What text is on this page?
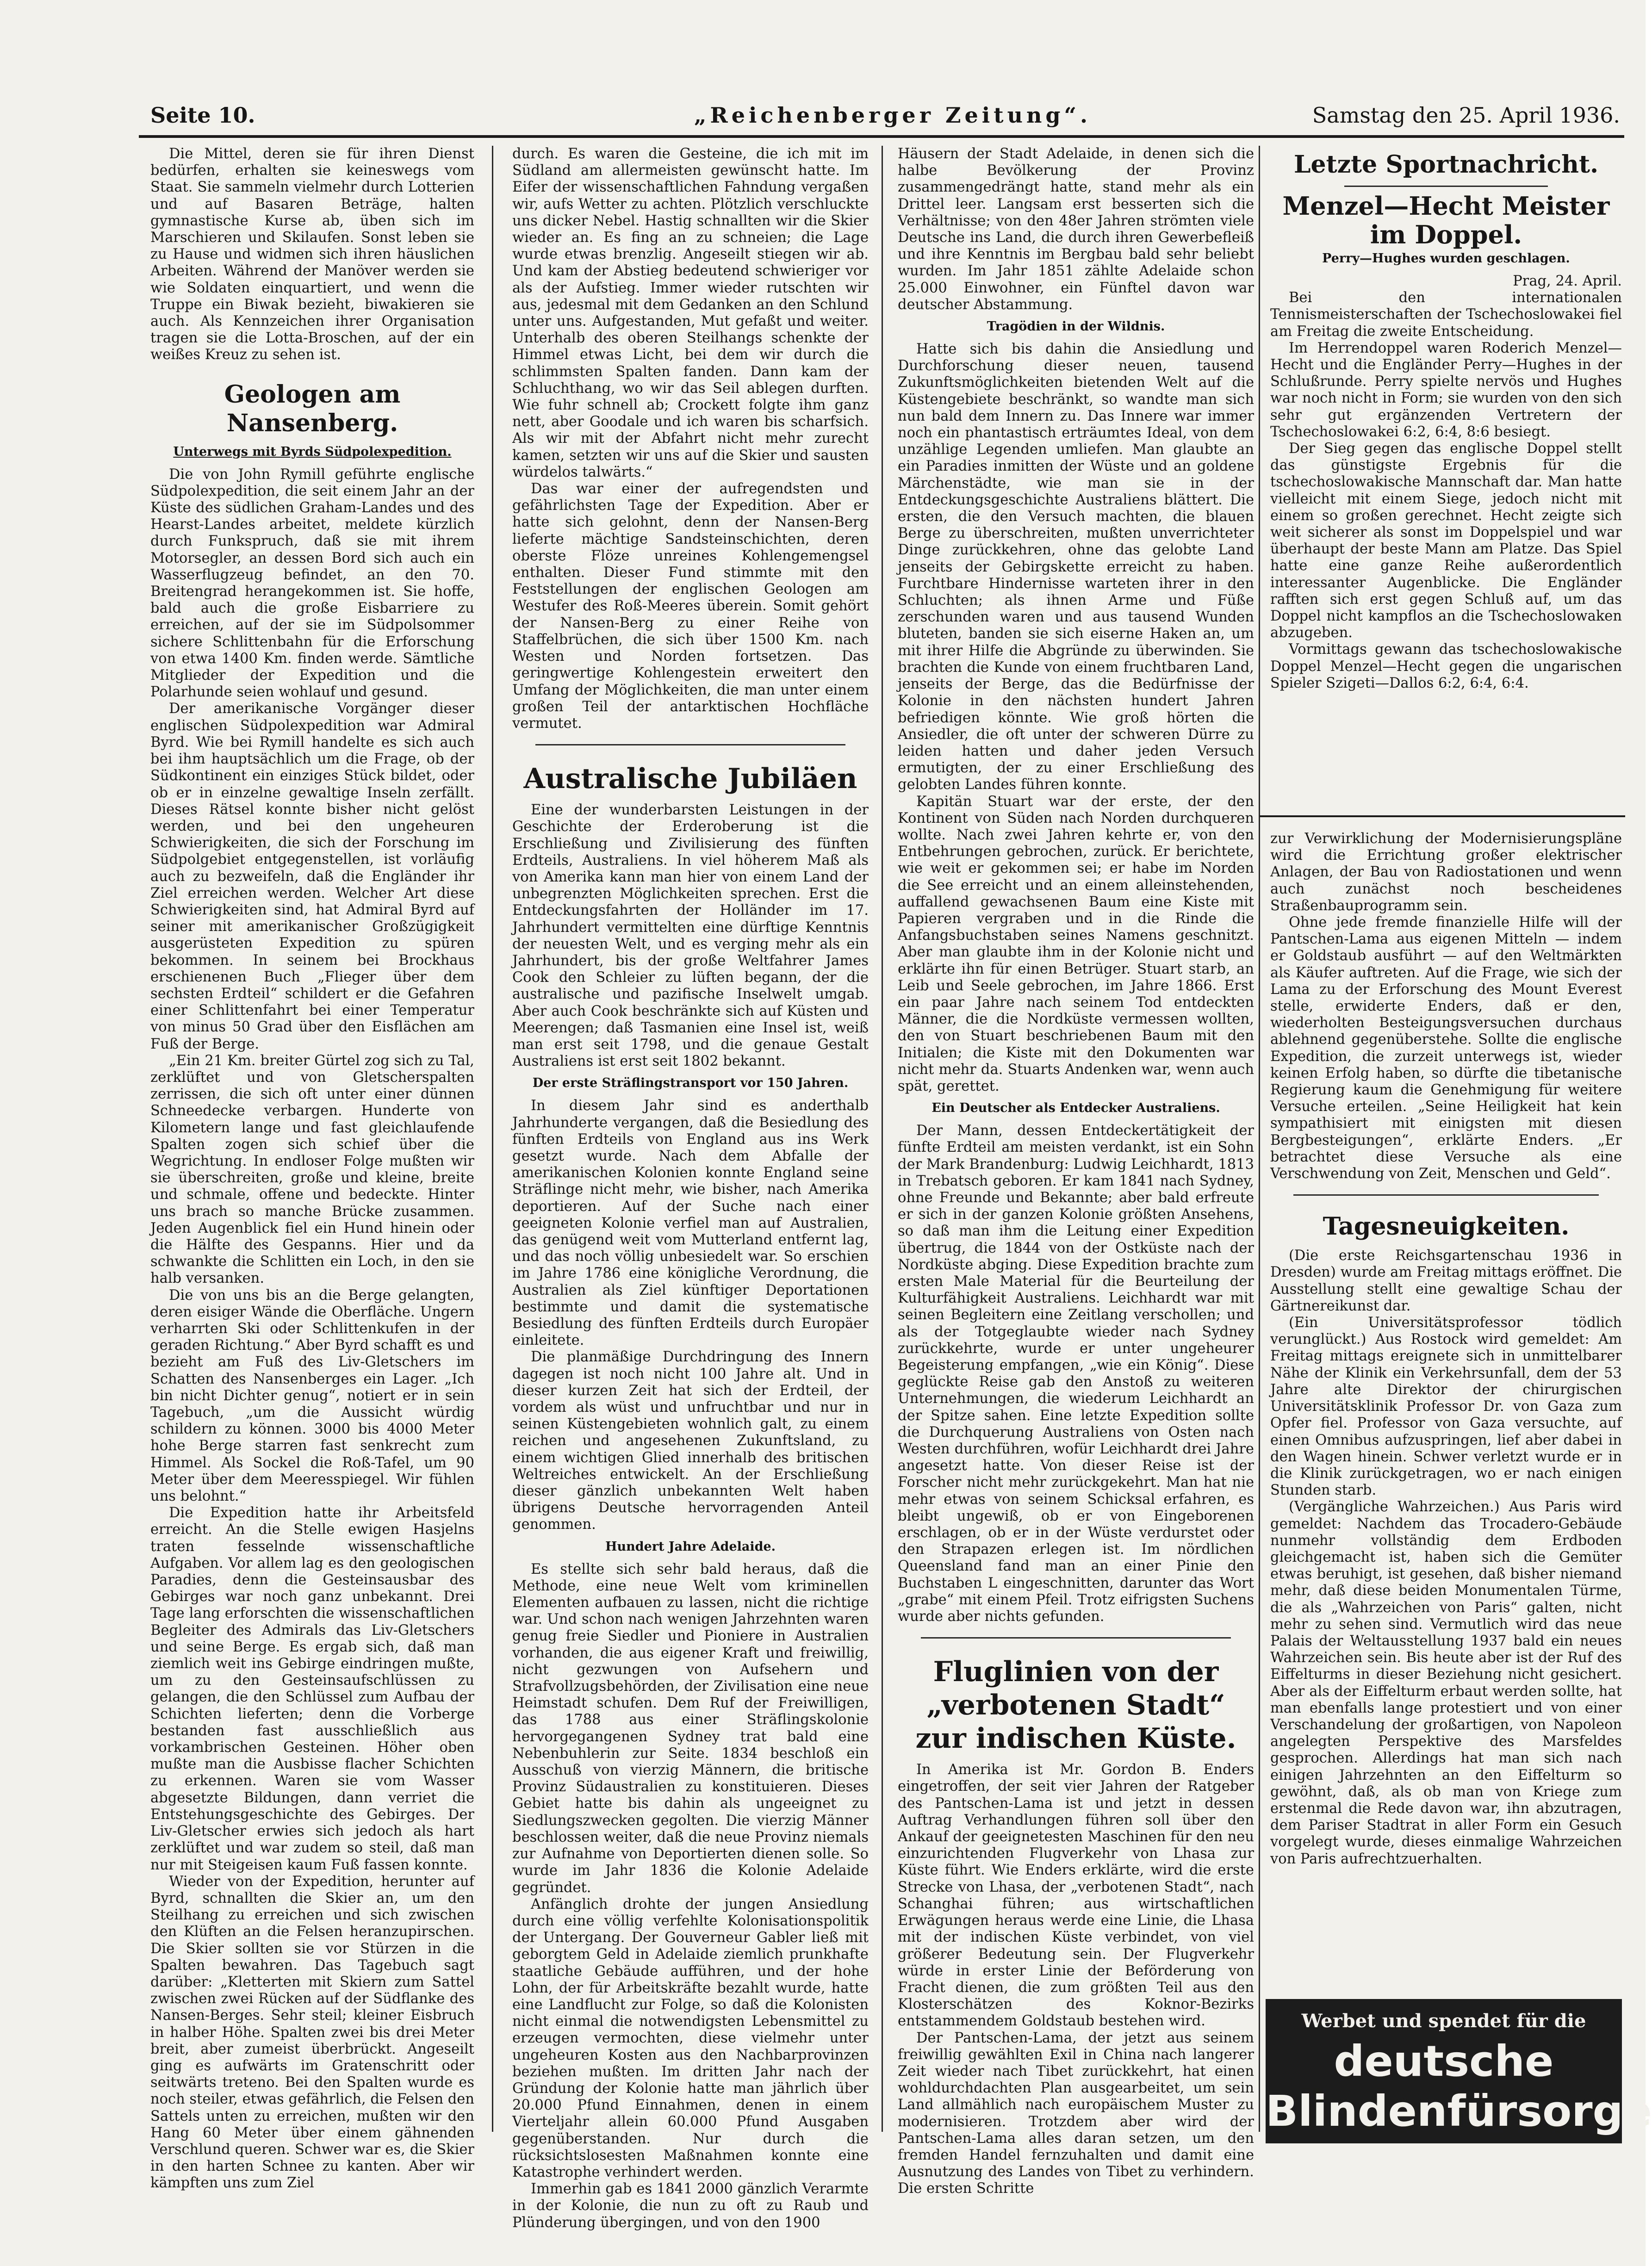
Seite 10.	„Reichenberger Zeitung“.	Samstag den 25. April 1936.

Die Mittel, deren sie für ihren Dienst bedürfen, erhalten sie keineswegs vom Staat. Sie sammeln vielmehr durch Lotterien und auf Basaren Beträge, halten gymnastische Kurse ab, üben sich im Marschieren und Skilaufen. Sonst leben sie zu Hause und widmen sich ihren häuslichen Arbeiten. Während der Manöver werden sie wie Soldaten einquartiert, und wenn die Truppe ein Biwak bezieht, biwakieren sie auch. Als Kennzeichen ihrer Organisation tragen sie die Lotta-Broschen, auf der ein weißes Kreuz zu sehen ist.

Geologen am Nansenberg.
Unterwegs mit Byrds Südpolexpedition.

Die von John Rymill geführte englische Südpolexpedition, die seit einem Jahr an der Küste des südlichen Graham-Landes und des Hearst-Landes arbeitet, meldete kürzlich durch Funkspruch, daß sie mit ihrem Motorsegler, an dessen Bord sich auch ein Wasserflugzeug befindet, an den 70. Breitengrad herangekommen ist. Sie hoffe, bald auch die große Eisbarriere zu erreichen, auf der sie im Südpolsommer sichere Schlittenbahn für die Erforschung von etwa 1400 Km. finden werde. Sämtliche Mitglieder der Expedition und die Polarhunde seien wohlauf und gesund.

Der amerikanische Vorgänger dieser englischen Südpolexpedition war Admiral Byrd. Wie bei Rymill handelte es sich auch bei ihm hauptsächlich um die Frage, ob der Südkontinent ein einziges Stück bildet, oder ob er in einzelne gewaltige Inseln zerfällt. Dieses Rätsel konnte bisher nicht gelöst werden, und bei den ungeheuren Schwierigkeiten, die sich der Forschung im Südpolgebiet entgegenstellen, ist vorläufig auch zu bezweifeln, daß die Engländer ihr Ziel erreichen werden. Welcher Art diese Schwierigkeiten sind, hat Admiral Byrd auf seiner mit amerikanischer Großzügigkeit ausgerüsteten Expedition zu spüren bekommen. In seinem bei Brockhaus erschienenen Buch „Flieger über dem sechsten Erdteil“ schildert er die Gefahren einer Schlittenfahrt bei einer Temperatur von minus 50 Grad über den Eisflächen am Fuß der Berge.

„Ein 21 Km. breiter Gürtel zog sich zu Tal, zerklüftet und von Gletscherspalten zerrissen, die sich oft unter einer dünnen Schneedecke verbargen. Hunderte von Kilometern lange und fast gleichlaufende Spalten zogen sich schief über die Wegrichtung. In endloser Folge mußten wir sie überschreiten, große und kleine, breite und schmale, offene und bedeckte. Hinter uns brach so manche Brücke zusammen. Jeden Augenblick fiel ein Hund hinein oder die Hälfte des Gespanns. Hier und da schwankte die Schlitten ein Loch, in den sie halb versanken.

Die von uns bis an die Berge gelangten, deren eisiger Wände die Oberfläche. Ungern verharrten Ski oder Schlittenkufen in der geraden Richtung.“ Aber Byrd schafft es und bezieht am Fuß des Liv-Gletschers im Schatten des Nansenberges ein Lager. „Ich bin nicht Dichter genug“, notiert er in sein Tagebuch, „um die Aussicht würdig schildern zu können. 3000 bis 4000 Meter hohe Berge starren fast senkrecht zum Himmel. Als Sockel die Roß-Tafel, um 90 Meter über dem Meeresspiegel. Wir fühlen uns belohnt.“

Die Expedition hatte ihr Arbeitsfeld erreicht. An die Stelle ewigen Hasjelns traten fesselnde wissenschaftliche Aufgaben. Vor allem lag es den geologischen Paradies, denn die Gesteinsausbar des Gebirges war noch ganz unbekannt. Drei Tage lang erforschten die wissenschaftlichen Begleiter des Admirals das Liv-Gletschers und seine Berge. Es ergab sich, daß man ziemlich weit ins Gebirge eindringen mußte, um zu den Gesteinsaufschlüssen zu gelangen, die den Schlüssel zum Aufbau der Schichten lieferten; denn die Vorberge bestanden fast ausschließlich aus vorkambrischen Gesteinen. Höher oben mußte man die Ausbisse flacher Schichten zu erkennen. Waren sie vom Wasser abgesetzte Bildungen, dann verriet die Entstehungsgeschichte des Gebirges. Der Liv-Gletscher erwies sich jedoch als hart zerklüftet und war zudem so steil, daß man nur mit Steigeisen kaum Fuß fassen konnte.

Wieder von der Expedition, herunter auf Byrd, schnallten die Skier an, um den Steilhang zu erreichen und sich zwischen den Klüften an die Felsen heranzupirschen. Die Skier sollten sie vor Stürzen in die Spalten bewahren. Das Tagebuch sagt darüber: „Kletterten mit Skiern zum Sattel zwischen zwei Rücken auf der Südflanke des Nansen-Berges. Sehr steil; kleiner Eisbruch in halber Höhe. Spalten zwei bis drei Meter breit, aber zumeist überbrückt. Angeseilt ging es aufwärts im Gratenschritt oder seitwärts treteno. Bei den Spalten wurde es noch steiler, etwas gefährlich, die Felsen den Sattels unten zu erreichen, mußten wir den Hang 60 Meter über einem gähnenden Verschlund queren. Schwer war es, die Skier in den harten Schnee zu kanten. Aber wir kämpften uns zum Ziel

durch. Es waren die Gesteine, die ich mit im Südland am allermeisten gewünscht hatte. Im Eifer der wissenschaftlichen Fahndung vergaßen wir, aufs Wetter zu achten. Plötzlich verschluckte uns dicker Nebel. Hastig schnallten wir die Skier wieder an. Es fing an zu schneien; die Lage wurde etwas brenzlig. Angeseilt stiegen wir ab. Und kam der Abstieg bedeutend schwieriger vor als der Aufstieg. Immer wieder rutschten wir aus, jedesmal mit dem Gedanken an den Schlund unter uns. Aufgestanden, Mut gefaßt und weiter. Unterhalb des oberen Steilhangs schenkte der Himmel etwas Licht, bei dem wir durch die schlimmsten Spalten fanden. Dann kam der Schluchthang, wo wir das Seil ablegen durften. Wie fuhr schnell ab; Crockett folgte ihm ganz nett, aber Goodale und ich waren bis scharfsich. Als wir mit der Abfahrt nicht mehr zurecht kamen, setzten wir uns auf die Skier und sausten würdelos talwärts.“

Das war einer der aufregendsten und gefährlichsten Tage der Expedition. Aber er hatte sich gelohnt, denn der Nansen-Berg lieferte mächtige Sandsteinschichten, deren oberste Flöze unreines Kohlengemengsel enthalten. Dieser Fund stimmte mit den Feststellungen der englischen Geologen am Westufer des Roß-Meeres überein. Somit gehört der Nansen-Berg zu einer Reihe von Staffelbrüchen, die sich über 1500 Km. nach Westen und Norden fortsetzen. Das geringwertige Kohlengestein erweitert den Umfang der Möglichkeiten, die man unter einem großen Teil der antarktischen Hochfläche vermutet.

Australische Jubiläen

Eine der wunderbarsten Leistungen in der Geschichte der Erderoberung ist die Erschließung und Zivilisierung des fünften Erdteils, Australiens. In viel höherem Maß als von Amerika kann man hier von einem Land der unbegrenzten Möglichkeiten sprechen. Erst die Entdeckungsfahrten der Holländer im 17. Jahrhundert vermittelten eine dürftige Kenntnis der neuesten Welt, und es verging mehr als ein Jahrhundert, bis der große Weltfahrer James Cook den Schleier zu lüften begann, der die australische und pazifische Inselwelt umgab. Aber auch Cook beschränkte sich auf Küsten und Meerengen; daß Tasmanien eine Insel ist, weiß man erst seit 1798, und die genaue Gestalt Australiens ist erst seit 1802 bekannt.

Der erste Sträflingstransport vor 150 Jahren.

In diesem Jahr sind es anderthalb Jahrhunderte vergangen, daß die Besiedlung des fünften Erdteils von England aus ins Werk gesetzt wurde. Nach dem Abfalle der amerikanischen Kolonien konnte England seine Sträflinge nicht mehr, wie bisher, nach Amerika deportieren. Auf der Suche nach einer geeigneten Kolonie verfiel man auf Australien, das genügend weit vom Mutterland entfernt lag, und das noch völlig unbesiedelt war. So erschien im Jahre 1786 eine königliche Verordnung, die Australien als Ziel künftiger Deportationen bestimmte und damit die systematische Besiedlung des fünften Erdteils durch Europäer einleitete.

Die planmäßige Durchdringung des Innern dagegen ist noch nicht 100 Jahre alt. Und in dieser kurzen Zeit hat sich der Erdteil, der vordem als wüst und unfruchtbar und nur in seinen Küstengebieten wohnlich galt, zu einem reichen und angesehenen Zukunftsland, zu einem wichtigen Glied innerhalb des britischen Weltreiches entwickelt. An der Erschließung dieser gänzlich unbekannten Welt haben übrigens Deutsche hervorragenden Anteil genommen.

Hundert Jahre Adelaide.

Es stellte sich sehr bald heraus, daß die Methode, eine neue Welt vom kriminellen Elementen aufbauen zu lassen, nicht die richtige war. Und schon nach wenigen Jahrzehnten waren genug freie Siedler und Pioniere in Australien vorhanden, die aus eigener Kraft und freiwillig, nicht gezwungen von Aufsehern und Strafvollzugsbehörden, der Zivilisation eine neue Heimstadt schufen. Dem Ruf der Freiwilligen, das 1788 aus einer Sträflingskolonie hervorgegangenen Sydney trat bald eine Nebenbuhlerin zur Seite. 1834 beschloß ein Ausschuß von vierzig Männern, die britische Provinz Südaustralien zu konstituieren. Dieses Gebiet hatte bis dahin als ungeeignet zu Siedlungszwecken gegolten. Die vierzig Männer beschlossen weiter, daß die neue Provinz niemals zur Aufnahme von Deportierten dienen solle. So wurde im Jahr 1836 die Kolonie Adelaide gegründet.

Anfänglich drohte der jungen Ansiedlung durch eine völlig verfehlte Kolonisationspolitik der Untergang. Der Gouverneur Gabler ließ mit geborgtem Geld in Adelaide ziemlich prunkhafte staatliche Gebäude aufführen, und der hohe Lohn, der für Arbeitskräfte bezahlt wurde, hatte eine Landflucht zur Folge, so daß die Kolonisten nicht einmal die notwendigsten Lebensmittel zu erzeugen vermochten, diese vielmehr unter ungeheuren Kosten aus den Nachbarprovinzen beziehen mußten. Im dritten Jahr nach der Gründung der Kolonie hatte man jährlich über 20.000 Pfund Einnahmen, denen in einem Vierteljahr allein 60.000 Pfund Ausgaben gegenüberstanden. Nur durch die rücksichtslosesten Maßnahmen konnte eine Katastrophe verhindert werden.

Immerhin gab es 1841 2000 gänzlich Verarmte in der Kolonie, die nun zu oft zu Raub und Plünderung übergingen, und von den 1900

Häusern der Stadt Adelaide, in denen sich die halbe Bevölkerung der Provinz zusammengedrängt hatte, stand mehr als ein Drittel leer. Langsam erst besserten sich die Verhältnisse; von den 48er Jahren strömten viele Deutsche ins Land, die durch ihren Gewerbefleiß und ihre Kenntnis im Bergbau bald sehr beliebt wurden. Im Jahr 1851 zählte Adelaide schon 25.000 Einwohner, ein Fünftel davon war deutscher Abstammung.

Tragödien in der Wildnis.

Hatte sich bis dahin die Ansiedlung und Durchforschung dieser neuen, tausend Zukunftsmöglichkeiten bietenden Welt auf die Küstengebiete beschränkt, so wandte man sich nun bald dem Innern zu. Das Innere war immer noch ein phantastisch erträumtes Ideal, von dem unzählige Legenden umliefen. Man glaubte an ein Paradies inmitten der Wüste und an goldene Märchenstädte, wie man sie in der Entdeckungsgeschichte Australiens blättert. Die ersten, die den Versuch machten, die blauen Berge zu überschreiten, mußten unverrichteter Dinge zurückkehren, ohne das gelobte Land jenseits der Gebirgskette erreicht zu haben. Furchtbare Hindernisse warteten ihrer in den Schluchten; als ihnen Arme und Füße zerschunden waren und aus tausend Wunden bluteten, banden sie sich eiserne Haken an, um mit ihrer Hilfe die Abgründe zu überwinden. Sie brachten die Kunde von einem fruchtbaren Land, jenseits der Berge, das die Bedürfnisse der Kolonie in den nächsten hundert Jahren befriedigen könnte. Wie groß hörten die Ansiedler, die oft unter der schweren Dürre zu leiden hatten und daher jeden Versuch ermutigten, der zu einer Erschließung des gelobten Landes führen konnte.

Kapitän Stuart war der erste, der den Kontinent von Süden nach Norden durchqueren wollte. Nach zwei Jahren kehrte er, von den Entbehrungen gebrochen, zurück. Er berichtete, wie weit er gekommen sei; er habe im Norden die See erreicht und an einem alleinstehenden, auffallend gewachsenen Baum eine Kiste mit Papieren vergraben und in die Rinde die Anfangsbuchstaben seines Namens geschnitzt. Aber man glaubte ihm in der Kolonie nicht und erklärte ihn für einen Betrüger. Stuart starb, an Leib und Seele gebrochen, im Jahre 1866. Erst ein paar Jahre nach seinem Tod entdeckten Männer, die die Nordküste vermessen wollten, den von Stuart beschriebenen Baum mit den Initialen; die Kiste mit den Dokumenten war nicht mehr da. Stuarts Andenken war, wenn auch spät, gerettet.

Ein Deutscher als Entdecker Australiens.

Der Mann, dessen Entdeckertätigkeit der fünfte Erdteil am meisten verdankt, ist ein Sohn der Mark Brandenburg: Ludwig Leichhardt, 1813 in Trebatsch geboren. Er kam 1841 nach Sydney, ohne Freunde und Bekannte; aber bald erfreute er sich in der ganzen Kolonie größten Ansehens, so daß man ihm die Leitung einer Expedition übertrug, die 1844 von der Ostküste nach der Nordküste abging. Diese Expedition brachte zum ersten Male Material für die Beurteilung der Kulturfähigkeit Australiens. Leichhardt war mit seinen Begleitern eine Zeitlang verschollen; und als der Totgeglaubte wieder nach Sydney zurückkehrte, wurde er unter ungeheurer Begeisterung empfangen, „wie ein König“. Diese geglückte Reise gab den Anstoß zu weiteren Unternehmungen, die wiederum Leichhardt an der Spitze sahen. Eine letzte Expedition sollte die Durchquerung Australiens von Osten nach Westen durchführen, wofür Leichhardt drei Jahre angesetzt hatte. Von dieser Reise ist der Forscher nicht mehr zurückgekehrt. Man hat nie mehr etwas von seinem Schicksal erfahren, es bleibt ungewiß, ob er von Eingeborenen erschlagen, ob er in der Wüste verdurstet oder den Strapazen erlegen ist. Im nördlichen Queensland fand man an einer Pinie den Buchstaben L eingeschnitten, darunter das Wort „grabe“ mit einem Pfeil. Trotz eifrigsten Suchens wurde aber nichts gefunden.

Fluglinien von der „verbotenen Stadt“ zur indischen Küste.

In Amerika ist Mr. Gordon B. Enders eingetroffen, der seit vier Jahren der Ratgeber des Pantschen-Lama ist und jetzt in dessen Auftrag Verhandlungen führen soll über den Ankauf der geeignetesten Maschinen für den neu einzurichtenden Flugverkehr von Lhasa zur Küste führt. Wie Enders erklärte, wird die erste Strecke von Lhasa, der „verbotenen Stadt“, nach Schanghai führen; aus wirtschaftlichen Erwägungen heraus werde eine Linie, die Lhasa mit der indischen Küste verbindet, von viel größerer Bedeutung sein. Der Flugverkehr würde in erster Linie der Beförderung von Fracht dienen, die zum größten Teil aus den Klosterschätzen des Koknor-Bezirks entstammendem Goldstaub bestehen wird.

Der Pantschen-Lama, der jetzt aus seinem freiwillig gewählten Exil in China nach langerer Zeit wieder nach Tibet zurückkehrt, hat einen wohldurchdachten Plan ausgearbeitet, um sein Land allmählich nach europäischem Muster zu modernisieren. Trotzdem aber wird der Pantschen-Lama alles daran setzen, um den fremden Handel fernzuhalten und damit eine Ausnutzung des Landes von Tibet zu verhindern. Die ersten Schritte

Letzte Sportnachricht.
Menzel—Hecht Meister im Doppel.
Perry—Hughes wurden geschlagen.

Prag, 24. April.

Bei den internationalen Tennismeisterschaften der Tschechoslowakei fiel am Freitag die zweite Entscheidung.

Im Herrendoppel waren Roderich Menzel—Hecht und die Engländer Perry—Hughes in der Schlußrunde. Perry spielte nervös und Hughes war noch nicht in Form; sie wurden von den sich sehr gut ergänzenden Vertretern der Tschechoslowakei 6:2, 6:4, 8:6 besiegt.

Der Sieg gegen das englische Doppel stellt das günstigste Ergebnis für die tschechoslowakische Mannschaft dar. Man hatte vielleicht mit einem Siege, jedoch nicht mit einem so großen gerechnet. Hecht zeigte sich weit sicherer als sonst im Doppelspiel und war überhaupt der beste Mann am Platze. Das Spiel hatte eine ganze Reihe außerordentlich interessanter Augenblicke. Die Engländer rafften sich erst gegen Schluß auf, um das Doppel nicht kampflos an die Tschechoslowaken abzugeben.

Vormittags gewann das tschechoslowakische Doppel Menzel—Hecht gegen die ungarischen Spieler Szigeti—Dallos 6:2, 6:4, 6:4.

zur Verwirklichung der Modernisierungspläne wird die Errichtung großer elektrischer Anlagen, der Bau von Radiostationen und wenn auch zunächst noch bescheidenes Straßenbauprogramm sein.

Ohne jede fremde finanzielle Hilfe will der Pantschen-Lama aus eigenen Mitteln — indem er Goldstaub ausführt — auf den Weltmärkten als Käufer auftreten. Auf die Frage, wie sich der Lama zu der Erforschung des Mount Everest stelle, erwiderte Enders, daß er den, wiederholten Besteigungsversuchen durchaus ablehnend gegenüberstehe. Sollte die englische Expedition, die zurzeit unterwegs ist, wieder keinen Erfolg haben, so dürfte die tibetanische Regierung kaum die Genehmigung für weitere Versuche erteilen. „Seine Heiligkeit hat kein sympathisiert mit einigsten mit diesen Bergbesteigungen“, erklärte Enders. „Er betrachtet diese Versuche als eine Verschwendung von Zeit, Menschen und Geld“.

Tagesneuigkeiten.

(Die erste Reichsgartenschau 1936 in Dresden) wurde am Freitag mittags eröffnet. Die Ausstellung stellt eine gewaltige Schau der Gärtnereikunst dar.

(Ein Universitätsprofessor tödlich verunglückt.) Aus Rostock wird gemeldet: Am Freitag mittags ereignete sich in unmittelbarer Nähe der Klinik ein Verkehrsunfall, dem der 53 Jahre alte Direktor der chirurgischen Universitätsklinik Professor Dr. von Gaza zum Opfer fiel. Professor von Gaza versuchte, auf einen Omnibus aufzuspringen, lief aber dabei in den Wagen hinein. Schwer verletzt wurde er in die Klinik zurückgetragen, wo er nach einigen Stunden starb.

(Vergängliche Wahrzeichen.) Aus Paris wird gemeldet: Nachdem das Trocadero-Gebäude nunmehr vollständig dem Erdboden gleichgemacht ist, haben sich die Gemüter etwas beruhigt, ist gesehen, daß bisher niemand mehr, daß diese beiden Monumentalen Türme, die als „Wahrzeichen von Paris“ galten, nicht mehr zu sehen sind. Vermutlich wird das neue Palais der Weltausstellung 1937 bald ein neues Wahrzeichen sein. Bis heute aber ist der Ruf des Eiffelturms in dieser Beziehung nicht gesichert. Aber als der Eiffelturm erbaut werden sollte, hat man ebenfalls lange protestiert und von einer Verschandelung der großartigen, von Napoleon angelegten Perspektive des Marsfeldes gesprochen. Allerdings hat man sich nach einigen Jahrzehnten an den Eiffelturm so gewöhnt, daß, als ob man von Kriege zum erstenmal die Rede davon war, ihn abzutragen, dem Pariser Stadtrat in aller Form ein Gesuch vorgelegt wurde, dieses einmalige Wahrzeichen von Paris aufrechtzuerhalten.

Werbet und spendet für die
deutsche Blindenfürsorge
Sammelstelle: Sollors sche Buchhandlung.
